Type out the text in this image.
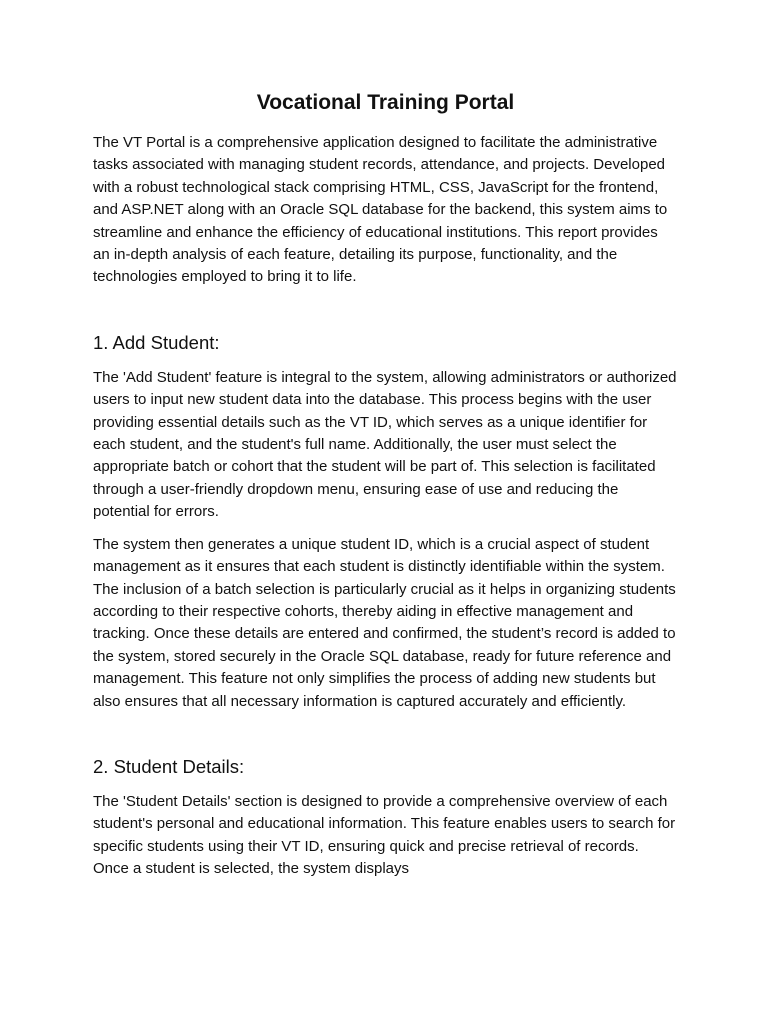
Vocational Training Portal

The VT Portal is a comprehensive application designed to facilitate the administrative tasks associated with managing student records, attendance, and projects. Developed with a robust technological stack comprising HTML, CSS, JavaScript for the frontend, and ASP.NET along with an Oracle SQL database for the backend, this system aims to streamline and enhance the efficiency of educational institutions. This report provides an in-depth analysis of each feature, detailing its purpose, functionality, and the technologies employed to bring it to life.

1. Add Student:

The 'Add Student' feature is integral to the system, allowing administrators or authorized users to input new student data into the database. This process begins with the user providing essential details such as the VT ID, which serves as a unique identifier for each student, and the student's full name. Additionally, the user must select the appropriate batch or cohort that the student will be part of. This selection is facilitated through a user-friendly dropdown menu, ensuring ease of use and reducing the potential for errors.

The system then generates a unique student ID, which is a crucial aspect of student management as it ensures that each student is distinctly identifiable within the system. The inclusion of a batch selection is particularly crucial as it helps in organizing students according to their respective cohorts, thereby aiding in effective management and tracking. Once these details are entered and confirmed, the student’s record is added to the system, stored securely in the Oracle SQL database, ready for future reference and management. This feature not only simplifies the process of adding new students but also ensures that all necessary information is captured accurately and efficiently.

2. Student Details:

The 'Student Details' section is designed to provide a comprehensive overview of each student's personal and educational information. This feature enables users to search for specific students using their VT ID, ensuring quick and precise retrieval of records. Once a student is selected, the system displays
